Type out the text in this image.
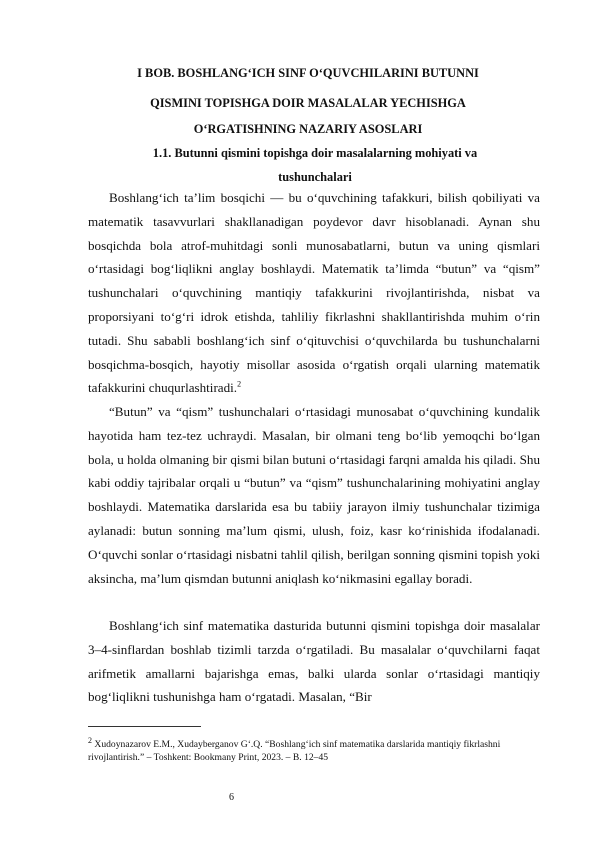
I BOB. BOSHLANG‘ICH SINF O‘QUVCHILARINI BUTUNNI
QISMINI TOPISHGA DOIR MASALALAR YECHISHGA
O‘RGATISHNING NAZARIY ASOSLARI
1.1. Butunni qismini topishga doir masalalarning mohiyati va
tushunchalari

Boshlang‘ich ta’lim bosqichi — bu o‘quvchining tafakkuri, bilish qobiliyati va matematik tasavvurlari shakllanadigan poydevor davr hisoblanadi. Aynan shu bosqichda bola atrof-muhitdagi sonli munosabatlarni, butun va uning qismlari o‘rtasidagi bog‘liqlikni anglay boshlaydi. Matematik ta’limda “butun” va “qism” tushunchalari o‘quvchining mantiqiy tafakkurini rivojlantirishda, nisbat va proporsiyani to‘g‘ri idrok etishda, tahliliy fikrlashni shakllantirishda muhim o‘rin tutadi. Shu sababli boshlang‘ich sinf o‘qituvchisi o‘quvchilarda bu tushunchalarni bosqichma-bosqich, hayotiy misollar asosida o‘rgatish orqali ularning matematik tafakkurini chuqurlashtiradi.$^2$

“Butun” va “qism” tushunchalari o‘rtasidagi munosabat o‘quvchining kundalik hayotida ham tez-tez uchraydi. Masalan, bir olmani teng bo‘lib yemoqchi bo‘lgan bola, u holda olmaning bir qismi bilan butuni o‘rtasidagi farqni amalda his qiladi. Shu kabi oddiy tajribalar orqali u “butun” va “qism” tushunchalarining mohiyatini anglay boshlaydi. Matematika darslarida esa bu tabiiy jarayon ilmiy tushunchalar tizimiga aylanadi: butun sonning ma’lum qismi, ulush, foiz, kasr ko‘rinishida ifodalanadi. O‘quvchi sonlar o‘rtasidagi nisbatni tahlil qilish, berilgan sonning qismini topish yoki aksincha, ma’lum qismdan butunni aniqlash ko‘nikmasini egallay boradi.

Boshlang‘ich sinf matematika dasturida butunni qismini topishga doir masalalar 3–4-sinflardan boshlab tizimli tarzda o‘rgatiladi. Bu masalalar o‘quvchilarni faqat arifmetik amallarni bajarishga emas, balki ularda sonlar o‘rtasidagi mantiqiy bog‘liqlikni tushunishga ham o‘rgatadi. Masalan, “Bir

$^2$ Xudoynazarov E.M., Xudayberganov G‘.Q. “Boshlang‘ich sinf matematika darslarida mantiqiy fikrlashni rivojlantirish.” – Toshkent: Bookmany Print, 2023. – B. 12–45
6
